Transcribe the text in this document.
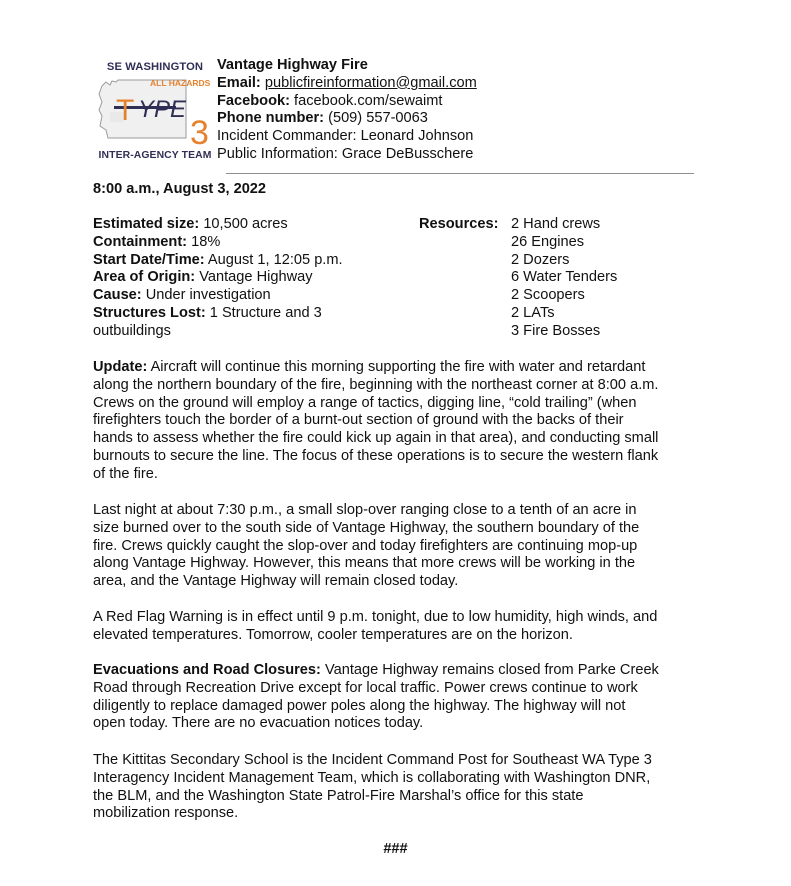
SE WASHINGTON
ALL HAZARDS
T YPE
3
INTER-AGENCY TEAM
Vantage Highway Fire
Email: publicfireinformation@gmail.com
Facebook: facebook.com/sewaimt
Phone number: (509) 557-0063
Incident Commander: Leonard Johnson
Public Information: Grace DeBusschere
8:00 a.m., August 3, 2022
Estimated size: 10,500 acres
Containment: 18%
Start Date/Time: August 1, 12:05 p.m.
Area of Origin: Vantage Highway
Cause: Under investigation
Structures Lost: 1 Structure and 3
outbuildings
Resources: 2 Hand crews
26 Engines
2 Dozers
6 Water Tenders
2 Scoopers
2 LATs
3 Fire Bosses
Update: Aircraft will continue this morning supporting the fire with water and retardant
along the northern boundary of the fire, beginning with the northeast corner at 8:00 a.m.
Crews on the ground will employ a range of tactics, digging line, “cold trailing” (when
firefighters touch the border of a burnt-out section of ground with the backs of their
hands to assess whether the fire could kick up again in that area), and conducting small
burnouts to secure the line. The focus of these operations is to secure the western flank
of the fire.
Last night at about 7:30 p.m., a small slop-over ranging close to a tenth of an acre in
size burned over to the south side of Vantage Highway, the southern boundary of the
fire. Crews quickly caught the slop-over and today firefighters are continuing mop-up
along Vantage Highway. However, this means that more crews will be working in the
area, and the Vantage Highway will remain closed today.
A Red Flag Warning is in effect until 9 p.m. tonight, due to low humidity, high winds, and
elevated temperatures. Tomorrow, cooler temperatures are on the horizon.
Evacuations and Road Closures: Vantage Highway remains closed from Parke Creek
Road through Recreation Drive except for local traffic. Power crews continue to work
diligently to replace damaged power poles along the highway. The highway will not
open today. There are no evacuation notices today.
The Kittitas Secondary School is the Incident Command Post for Southeast WA Type 3
Interagency Incident Management Team, which is collaborating with Washington DNR,
the BLM, and the Washington State Patrol-Fire Marshal’s office for this state
mobilization response.
###
